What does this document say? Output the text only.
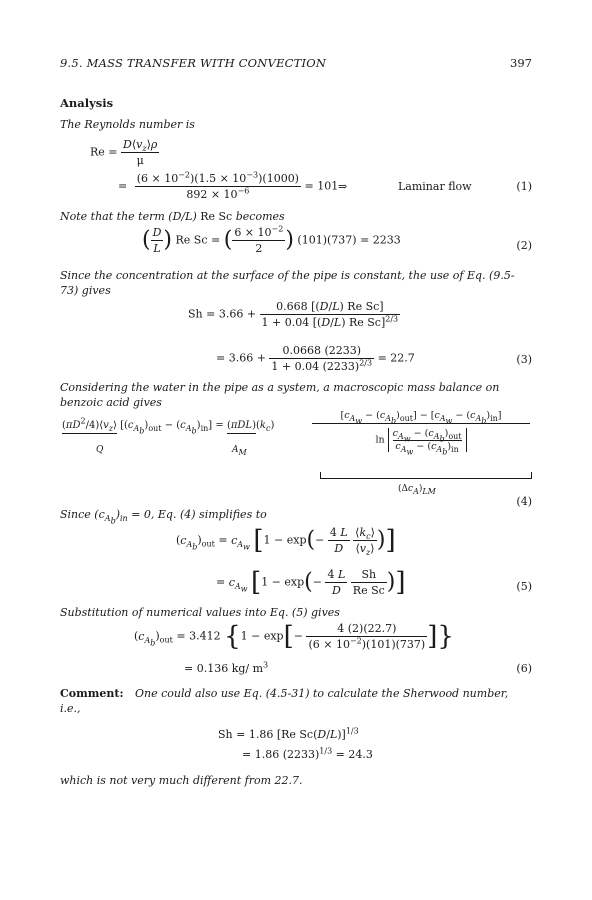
9.5. MASS TRANSFER WITH CONVECTION	397
Analysis
The Reynolds number is
$Re = \frac{D⟨v_z⟩\rho}{\mu}$
= $\frac{(6 \times 10^{-2})(1.5 \times 10^{-3})(1000)}{892 \times 10^{-6}} = 101$ ⇒	Laminar flow	(1)
Note that the term (D/L) Re Sc becomes
( $\frac{D}{L}$ ) Re Sc = ( $\frac{6 \times 10^{-2}}{2}$ ) (101)(737) = 2233	(2)
Since the concentration at the surface of the pipe is constant, the use of Eq. (9.5-73) gives
$Sh = 3.66 + \frac{\text{0.668 [(D/L) Re Sc]}}{1 + 0.04 [(D/L) Re Sc]^{2/3}}$
= $3.66 + \frac{0.0668 (2233)}{1 + 0.04 (2233)^{2/3}} = 22.7$	(3)
Considering the water in the pipe as a system, a macroscopic mass balance on benzoic acid gives
$(\pi D^2/4)⟨v_z⟩$ $[(c_{A_b})_{out} - (c_{A_b})_{in}] = (\pi DL)(k_c)$
$[c_{A_w} - (c_{A_b})_{out}] - [c_{A_w} - (c_{A_b})_{in}]$
ln
$c_{A_w} - (c_{A_b})_{out}$
$c_{A_w} - (c_{A_b})_{in}$
Q	$A_M$
$(\Delta c_A)_{LM}$
(4)
Since $(c_{A_b})_{in} = 0$, Eq. (4) simplifies to
$(c_{A_b})_{out} = c_{A_w}$ [$1 - \exp(- \frac{4 L}{D}$
$\frac{⟨k_c⟩}{⟨v_z⟩}$ )]
= $c_{A_w}$ [$1 - \exp(- \frac{4 L}{D}$
$\frac{Sh}{\text{Re Sc}}$ )]	(5)
Substitution of numerical values into Eq. (5) gives
$(c_{A_b})_{out} = 3.412$ {$1 - \exp[- \frac{4 (2)(22.7)}{(6 \times 10^{-2})(101)(737)}$ ]}
= 0.136 kg/ $m^3$	(6)
Comment: One could also use Eq. (4.5-31) to calculate the Sherwood number,
i.e.,
Sh = 1.86 [Re Sc(D/L)]$^{1/3}$
= 1.86 $(2233)^{1/3} = 24.3$
which is not very much different from 22.7.
